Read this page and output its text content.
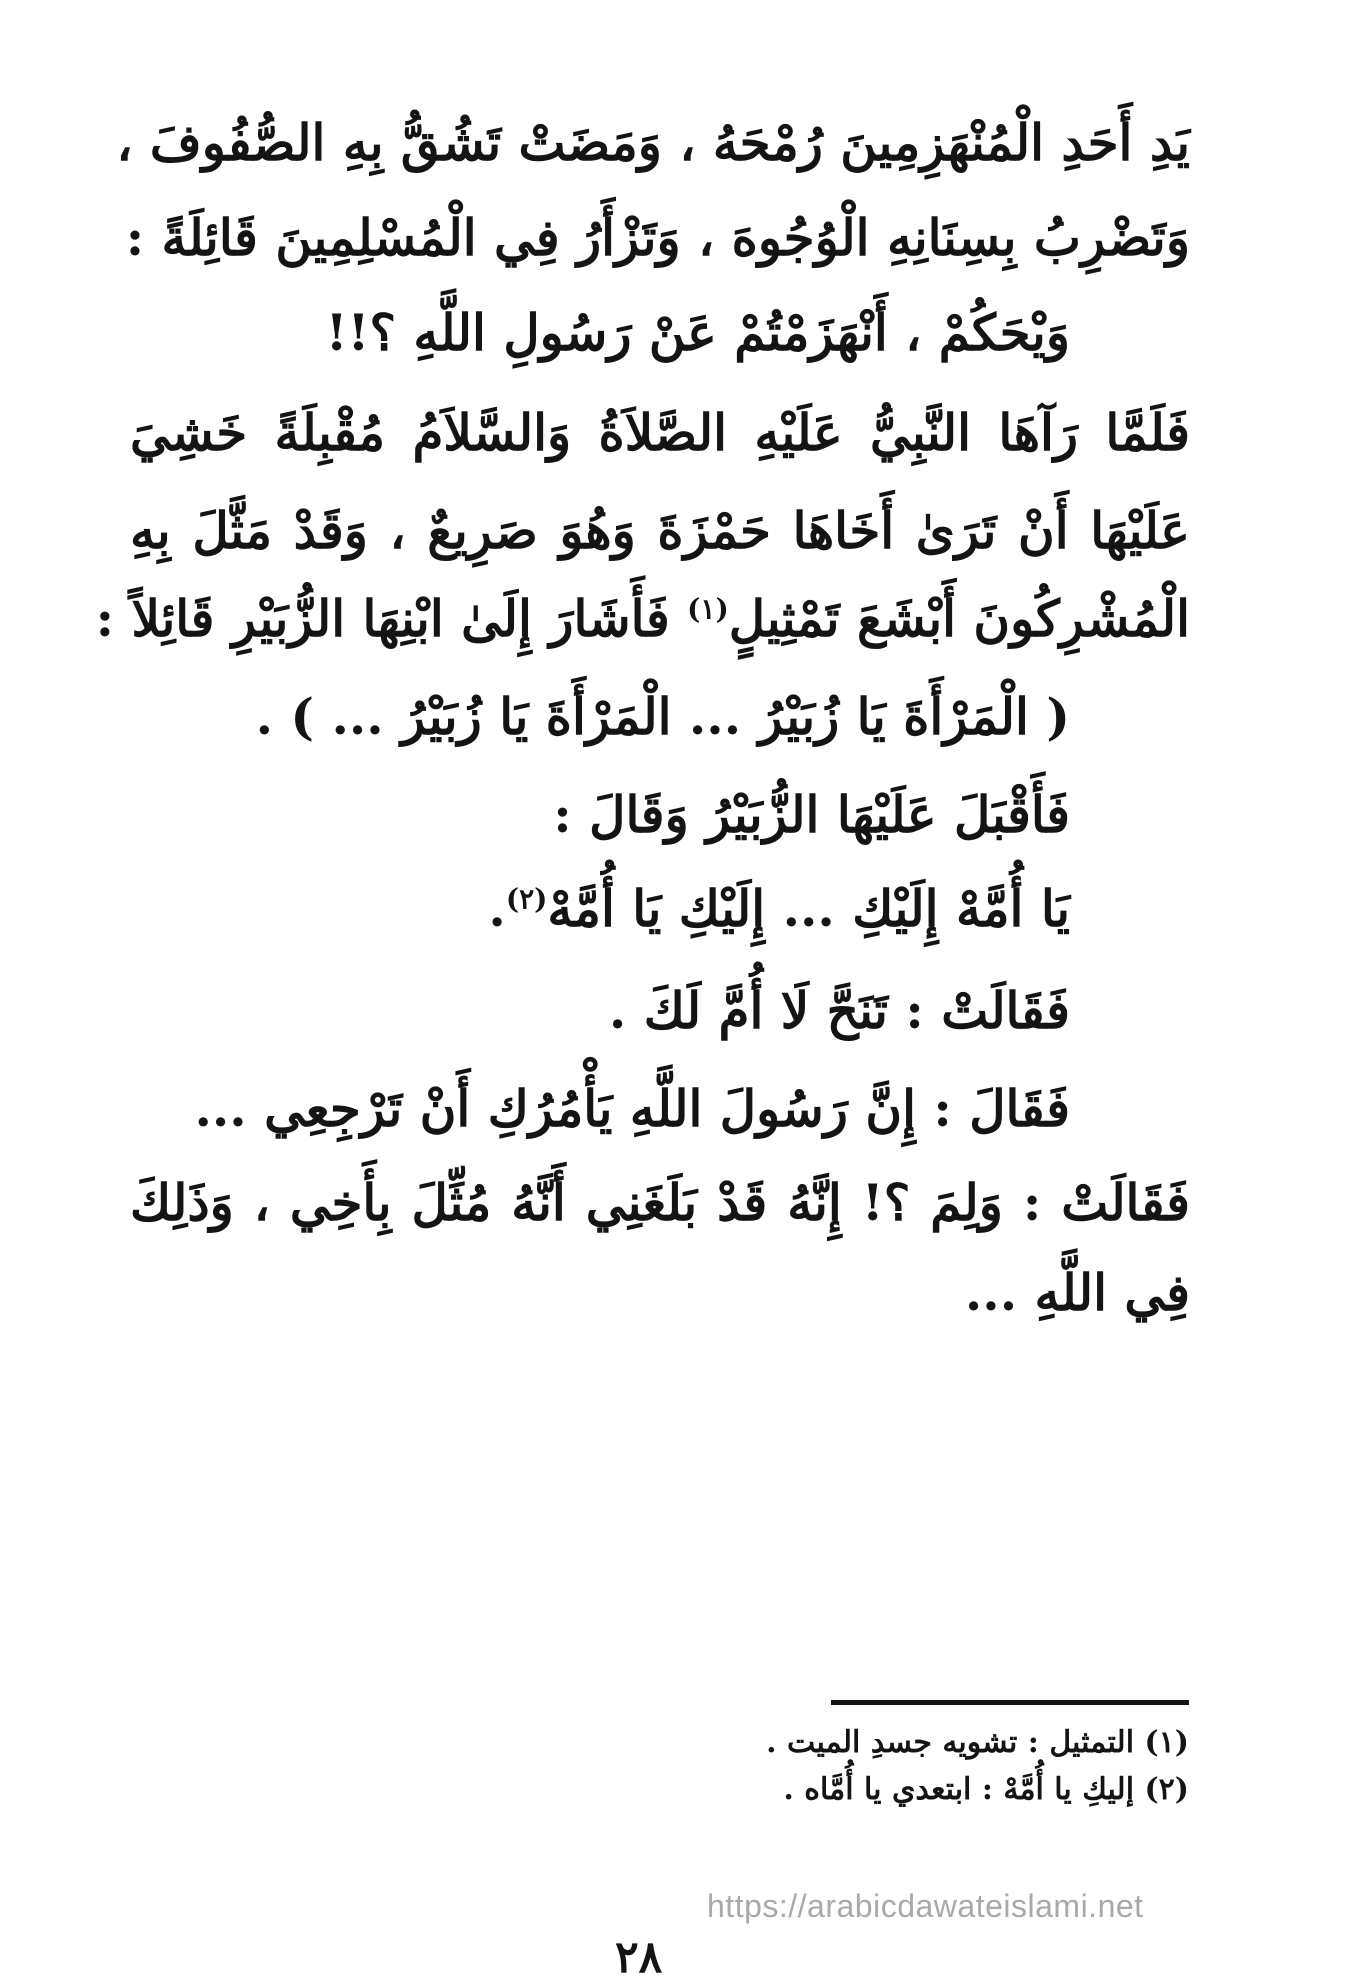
يَدِ أَحَدِ الْمُنْهَزِمِينَ رُمْحَهُ ، وَمَضَتْ تَشُقُّ بِهِ الصُّفُوفَ ،
وَتَضْرِبُ بِسِنَانِهِ الْوُجُوهَ ، وَتَزْأَرُ فِي الْمُسْلِمِينَ قَائِلَةً :
وَيْحَكُمْ ، أَنْهَزَمْتُمْ عَنْ رَسُولِ اللَّهِ ؟!!
فَلَمَّا رَآهَا النَّبِيُّ عَلَيْهِ الصَّلاَةُ وَالسَّلاَمُ مُقْبِلَةً خَشِيَ
عَلَيْهَا أَنْ تَرَىٰ أَخَاهَا حَمْزَةَ وَهُوَ صَرِيعٌ ، وَقَدْ مَثَّلَ بِهِ
الْمُشْرِكُونَ أَبْشَعَ تَمْثِيلٍ$^{(١)}$ فَأَشَارَ إِلَىٰ ابْنِهَا الزُّبَيْرِ قَائِلاً :
( الْمَرْأَةَ يَا زُبَيْرُ ... الْمَرْأَةَ يَا زُبَيْرُ ... ) .
فَأَقْبَلَ عَلَيْهَا الزُّبَيْرُ وَقَالَ :
يَا أُمَّهْ إِلَيْكِ ... إِلَيْكِ يَا أُمَّهْ$^{(٢)}$.
فَقَالَتْ : تَنَحَّ لَا أُمَّ لَكَ .
فَقَالَ : إِنَّ رَسُولَ اللَّهِ يَأْمُرُكِ أَنْ تَرْجِعِي ...
فَقَالَتْ : وَلِمَ ؟! إِنَّهُ قَدْ بَلَغَنِي أَنَّهُ مُثِّلَ بِأَخِي ، وَذَلِكَ
فِي اللَّهِ ...
(١) التمثيل : تشويه جسدِ الميت .
(٢) إليكِ يا أُمَّهْ : ابتعدي يا أُمَّاه .
https://arabicdawateislami.net
٢٨
